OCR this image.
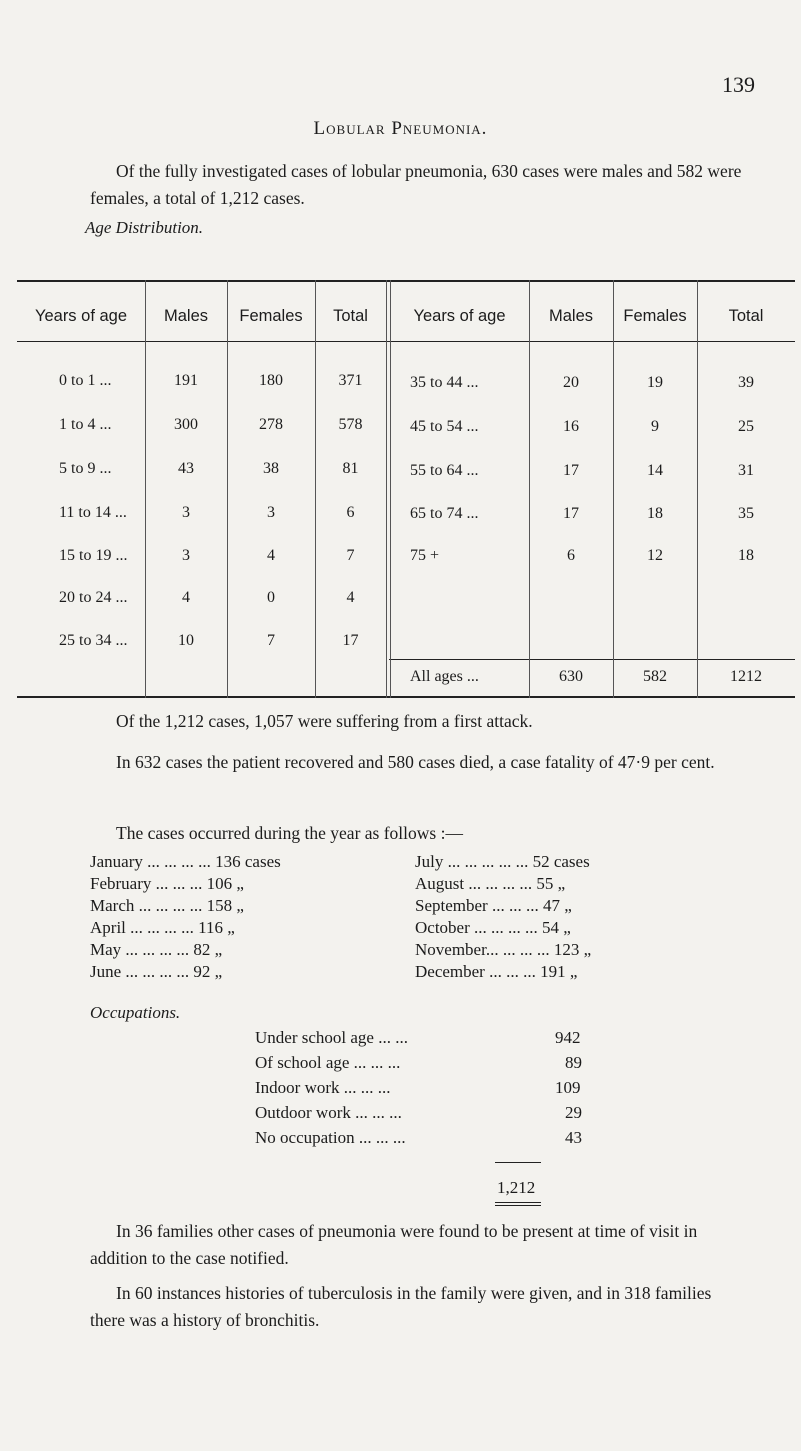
139
Lobular Pneumonia.
Of the fully investigated cases of lobular pneumonia, 630 cases were males and 582 were females, a total of 1,212 cases.
Age Distribution.
Years of age	Males	Females	Total	Years of age	Males	Females	Total
0 to 1 ...	191	180	371
1 to 4 ...	300	278	578
5 to 9 ...	43	38	81
11 to 14 ...	3	3	6
15 to 19 ...	3	4	7
20 to 24 ...	4	0	4
25 to 34 ...	10	7	17
35 to 44 ...	20	19	39
45 to 54 ...	16	9	25
55 to 64 ...	17	14	31
65 to 74 ...	17	18	35
75 +	6	12	18
All ages ...	630	582	1212
Of the 1,212 cases, 1,057 were suffering from a first attack.
In 632 cases the patient recovered and 580 cases died, a case fatality of 47·9 per cent.
The cases occurred during the year as follows :—
January ... ... ... ... 136 cases
February ... ... ... 106 „
March ... ... ... ... 158 „
April ... ... ... ... 116 „
May ... ... ... ... 82 „
June ... ... ... ... 92 „
July ... ... ... ... ... 52 cases
August ... ... ... ... 55 „
September ... ... ... 47 „
October ... ... ... ... 54 „
November... ... ... ... 123 „
December ... ... ... 191 „
Occupations.
Under school age ... ...	942
Of school age ... ... ...	89
Indoor work ... ... ...	109
Outdoor work ... ... ...	29
No occupation ... ... ...	43
1,212
In 36 families other cases of pneumonia were found to be present at time of visit in addition to the case notified.
In 60 instances histories of tuberculosis in the family were given, and in 318 families there was a history of bronchitis.
